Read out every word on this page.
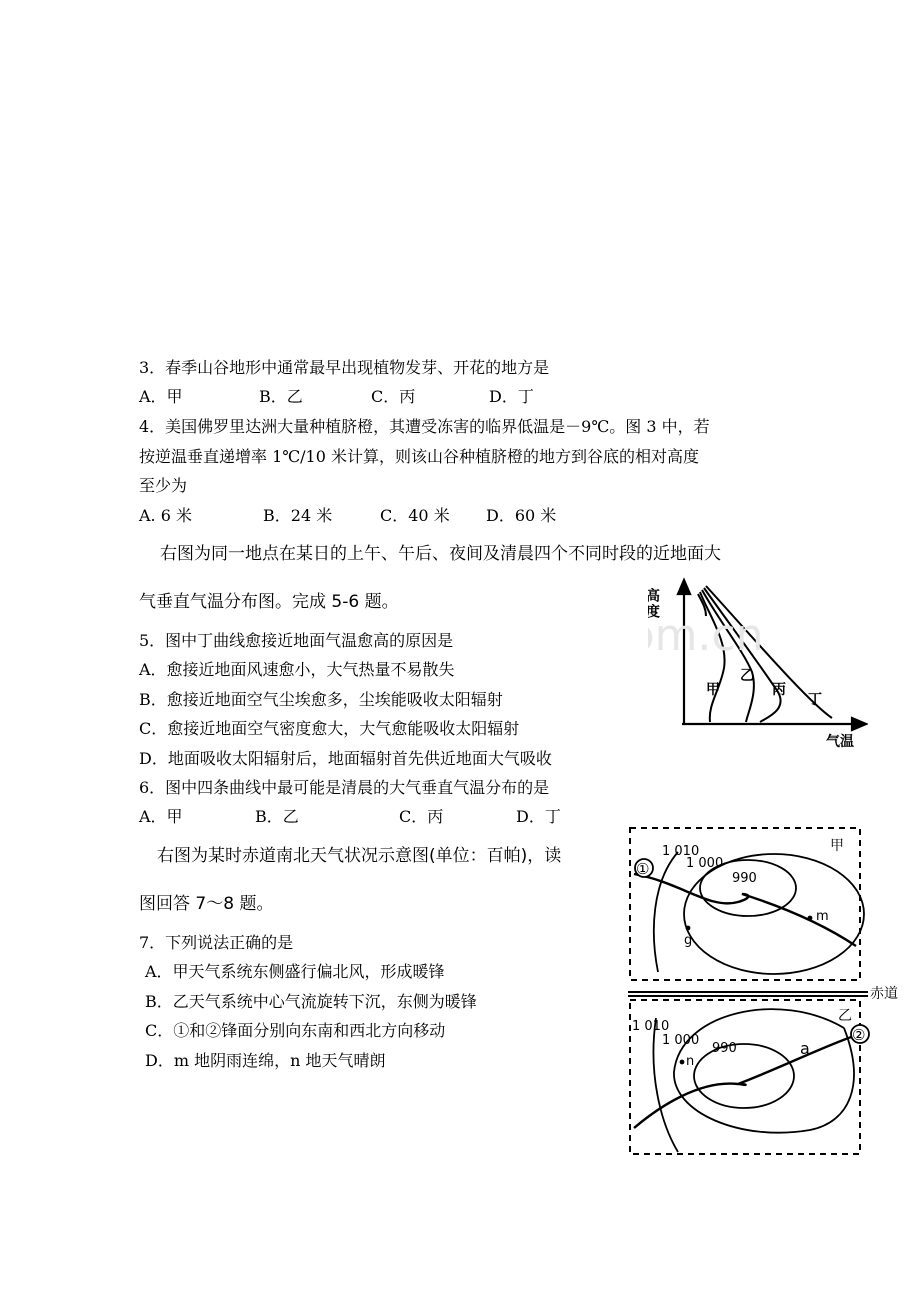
3．春季山谷地形中通常最早出现植物发芽、开花的地方是
A．甲	B．乙	C．丙	D．丁
4．美国佛罗里达洲大量种植脐橙，其遭受冻害的临界低温是－9℃。图 3 中，若
按逆温垂直递增率 1℃/10 米计算，则该山谷种植脐橙的地方到谷底的相对高度
至少为
A. 6 米	B．24 米	C．40 米 D．60 米
右图为同一地点在某日的上午、午后、夜间及清晨四个不同时段的近地面大
气垂直气温分布图。完成 5-6 题。
5．图中丁曲线愈接近地面气温愈高的原因是
A．愈接近地面风速愈小，大气热量不易散失
B．愈接近地面空气尘埃愈多，尘埃能吸收太阳辐射
C．愈接近地面空气密度愈大，大气愈能吸收太阳辐射
D．地面吸收太阳辐射后，地面辐射首先供近地面大气吸收
6．图中四条曲线中最可能是清晨的大气垂直气温分布的是
A．甲	B．乙	C．丙	D．丁
右图为某时赤道南北天气状况示意图(单位：百帕)，读
图回答 7～8 题。
7．下列说法正确的是
A．甲天气系统东侧盛行偏北风，形成暖锋
B．乙天气系统中心气流旋转下沉，东侧为暖锋
C．①和②锋面分别向东南和西北方向移动
D．m 地阴雨连绵，n 地天气晴朗
高度
气温
甲
乙
丙
丁
m.cn
甲
①
1 010
1 000
990
m
g
赤道
乙
②
1 010
1 000
990
n
a
